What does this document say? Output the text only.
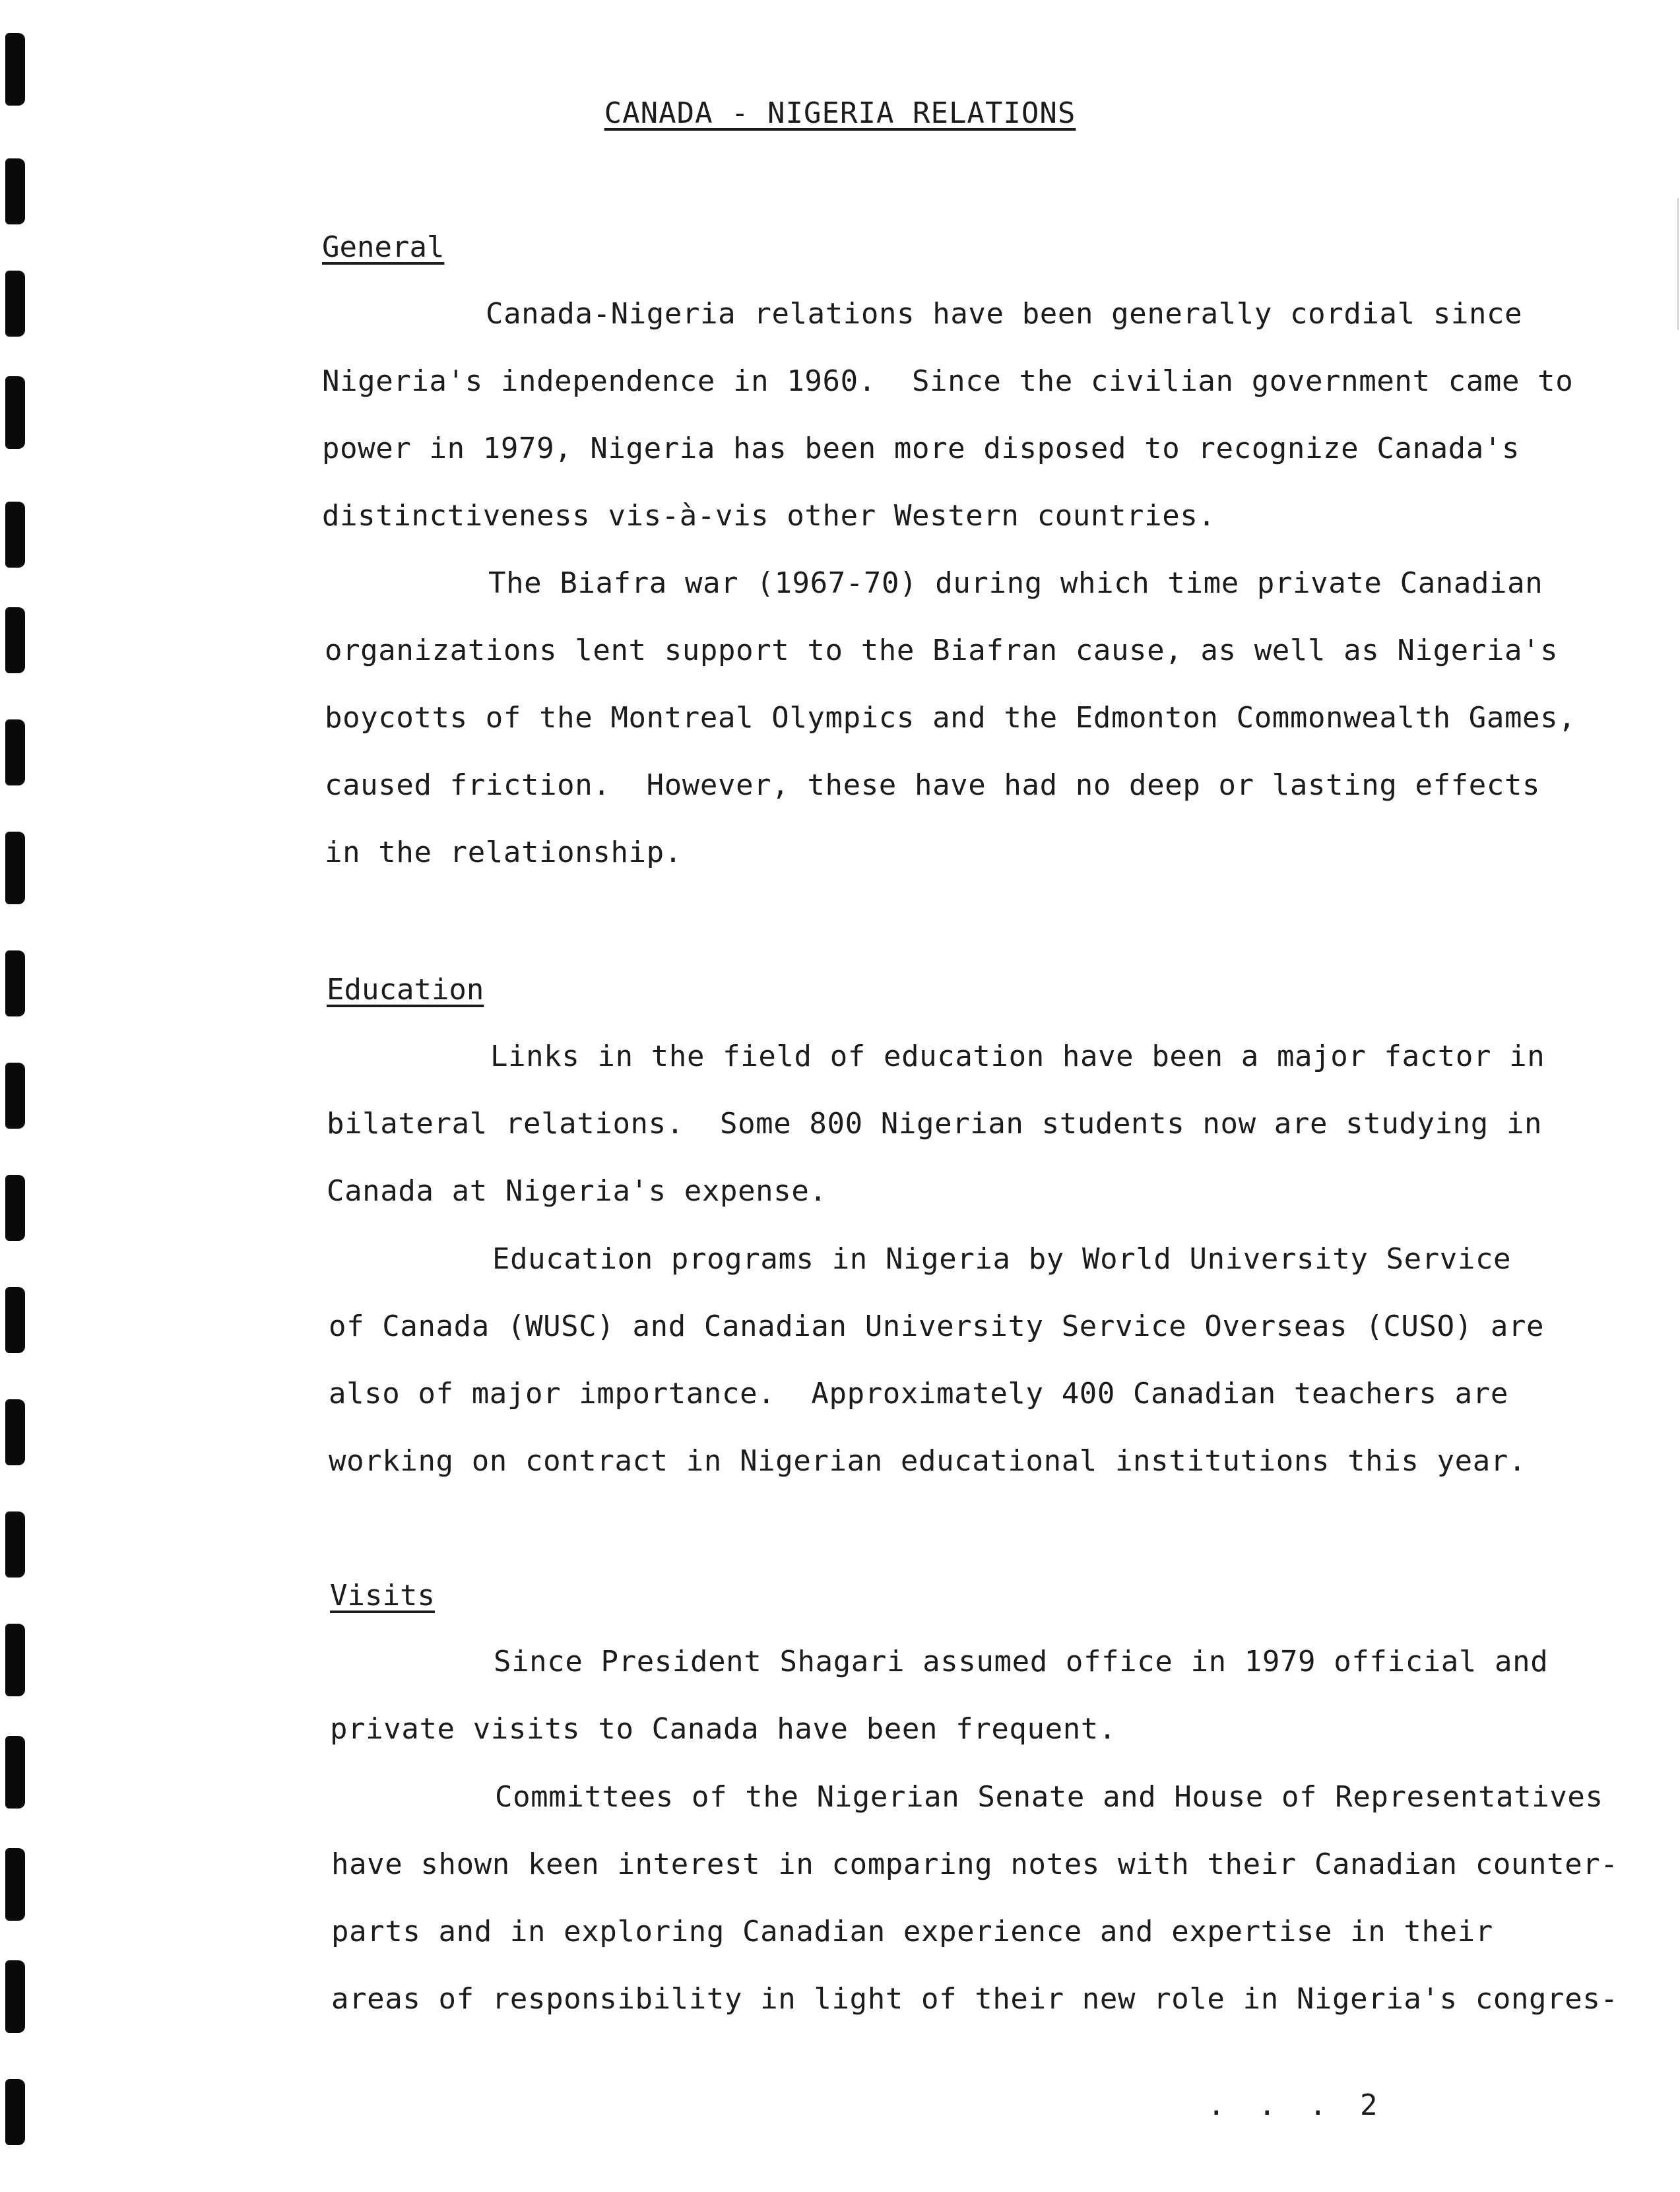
CANADA - NIGERIA RELATIONS
General
Canada-Nigeria relations have been generally cordial since
Nigeria's independence in 1960.  Since the civilian government came to
power in 1979, Nigeria has been more disposed to recognize Canada's
distinctiveness vis-à-vis other Western countries.
The Biafra war (1967-70) during which time private Canadian
organizations lent support to the Biafran cause, as well as Nigeria's
boycotts of the Montreal Olympics and the Edmonton Commonwealth Games,
caused friction.  However, these have had no deep or lasting effects
in the relationship.
Education
Links in the field of education have been a major factor in
bilateral relations.  Some 800 Nigerian students now are studying in
Canada at Nigeria's expense.
Education programs in Nigeria by World University Service
of Canada (WUSC) and Canadian University Service Overseas (CUSO) are
also of major importance.  Approximately 400 Canadian teachers are
working on contract in Nigerian educational institutions this year.
Visits
Since President Shagari assumed office in 1979 official and
private visits to Canada have been frequent.
Committees of the Nigerian Senate and House of Representatives
have shown keen interest in comparing notes with their Canadian counter-
parts and in exploring Canadian experience and expertise in their
areas of responsibility in light of their new role in Nigeria's congres-
. . . 2
